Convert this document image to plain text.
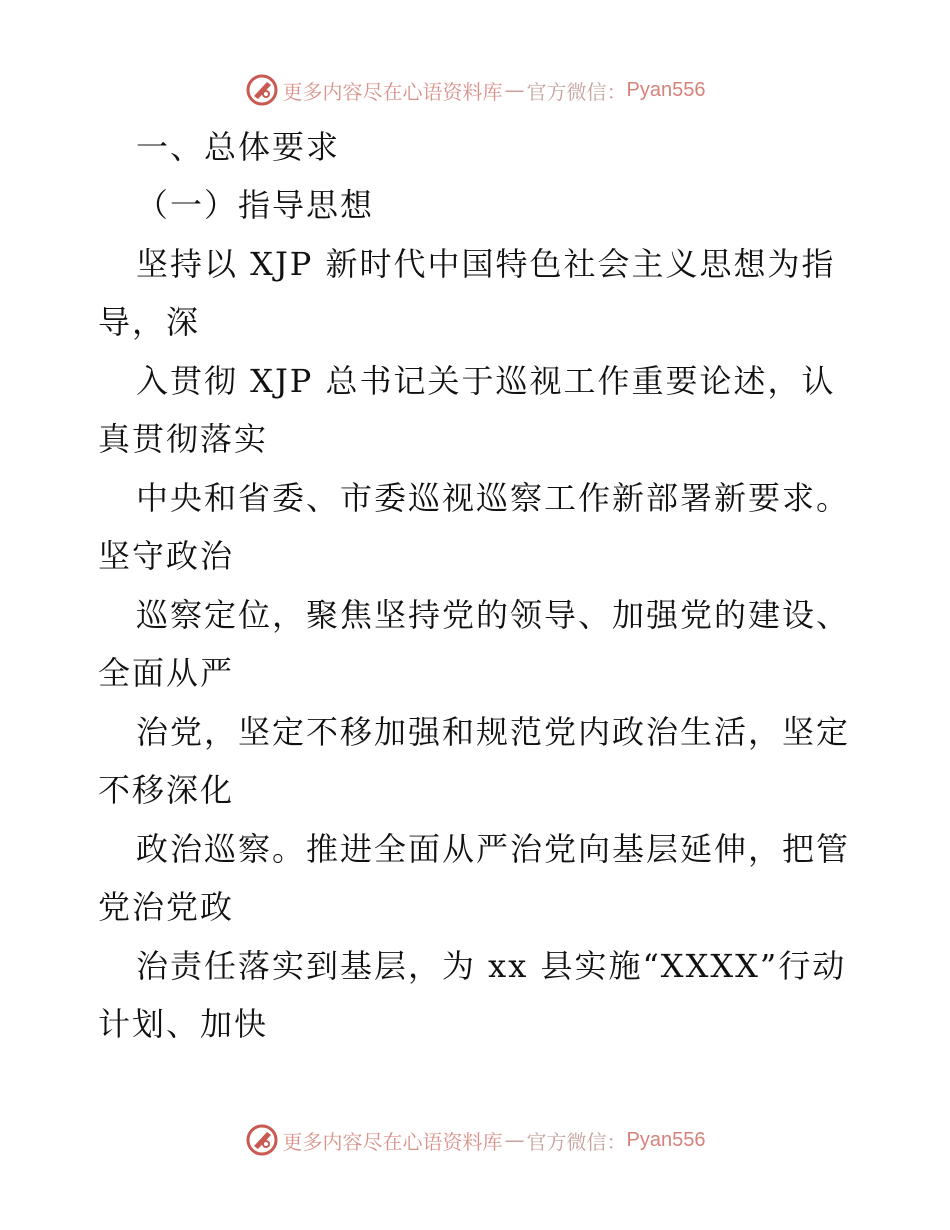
更多内容尽在心语资料库 — 官方微信： Pyan556
一、总体要求
（一）指导思想
坚持以 XJP 新时代中国特色社会主义思想为指
导，深
入贯彻 XJP 总书记关于巡视工作重要论述，认
真贯彻落实
中央和省委、市委巡视巡察工作新部署新要求。
坚守政治
巡察定位，聚焦坚持党的领导、加强党的建设、
全面从严
治党，坚定不移加强和规范党内政治生活，坚定
不移深化
政治巡察。推进全面从严治党向基层延伸，把管
党治党政
治责任落实到基层，为 xx 县实施“XXXX”行动
计划、加快
更多内容尽在心语资料库 — 官方微信： Pyan556
